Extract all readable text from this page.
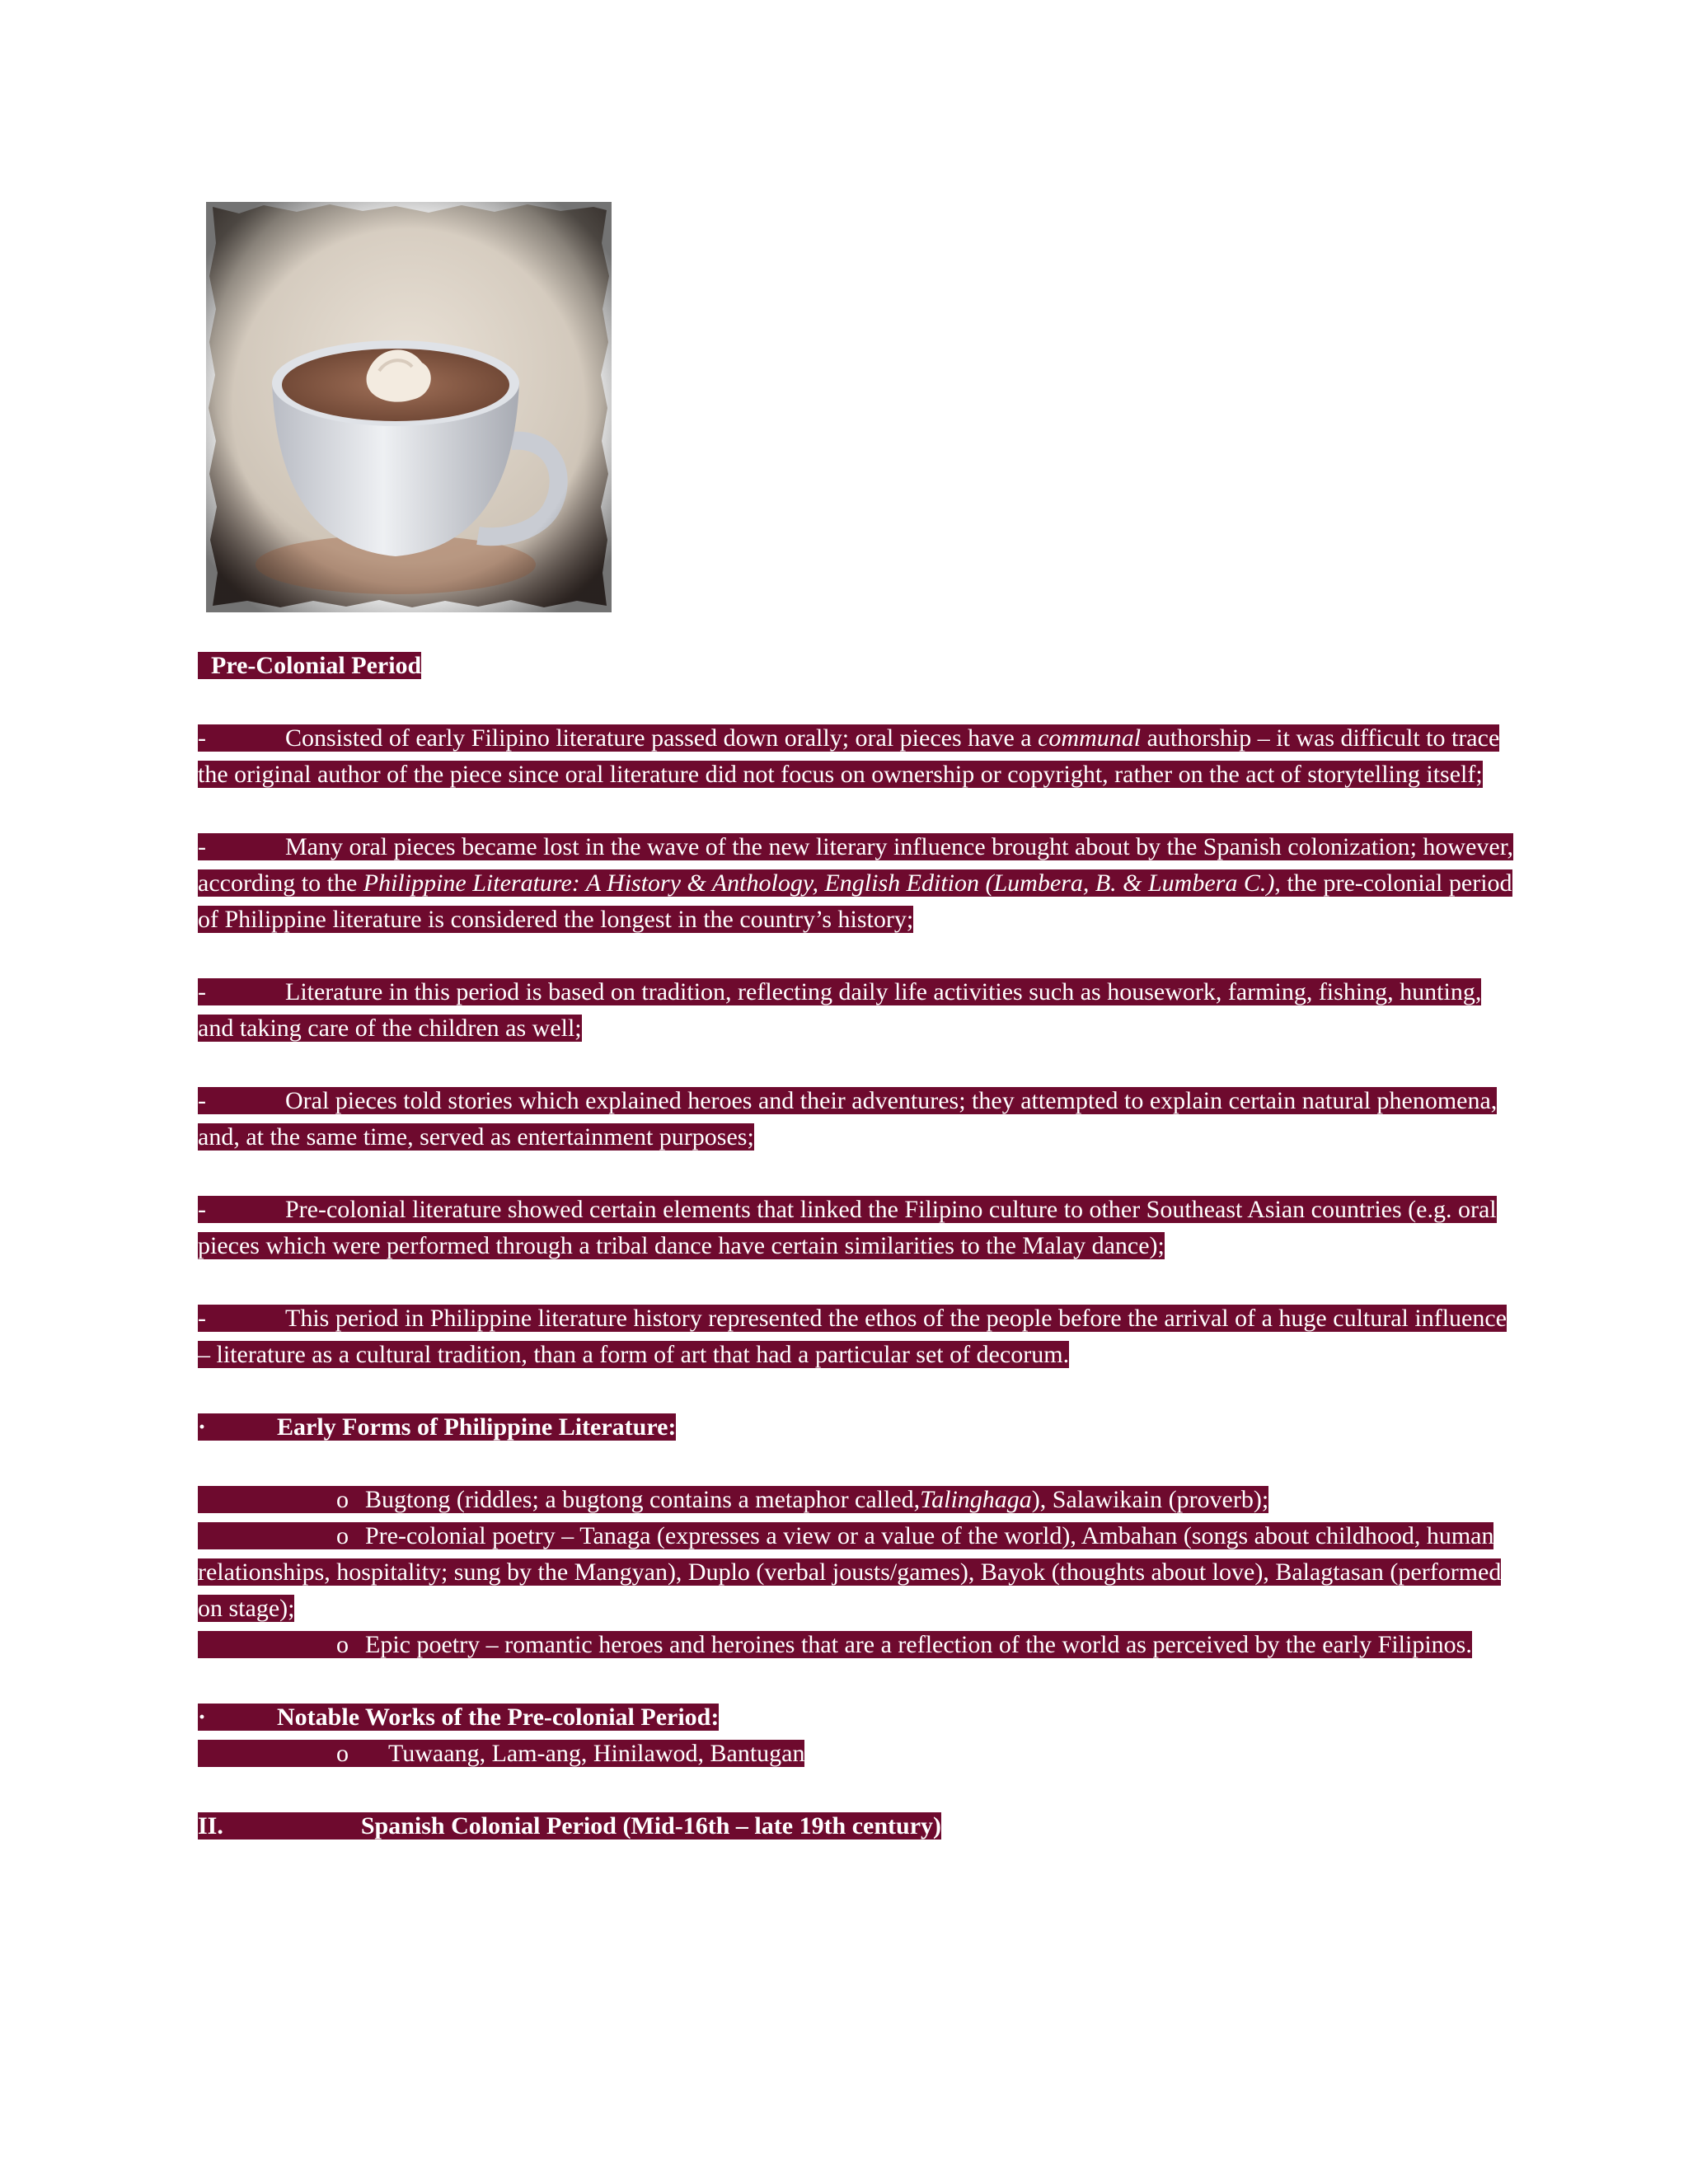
Pre-Colonial Period

-	Consisted of early Filipino literature passed down orally; oral pieces have a communal authorship – it was difficult to trace the original author of the piece since oral literature did not focus on ownership or copyright, rather on the act of storytelling itself;

-	Many oral pieces became lost in the wave of the new literary influence brought about by the Spanish colonization; however, according to the Philippine Literature: A History & Anthology, English Edition (Lumbera, B. & Lumbera C.), the pre-colonial period of Philippine literature is considered the longest in the country’s history;

-	Literature in this period is based on tradition, reflecting daily life activities such as housework, farming, fishing, hunting, and taking care of the children as well;

-	Oral pieces told stories which explained heroes and their adventures; they attempted to explain certain natural phenomena, and, at the same time, served as entertainment purposes;

-	Pre-colonial literature showed certain elements that linked the Filipino culture to other Southeast Asian countries (e.g. oral pieces which were performed through a tribal dance have certain similarities to the Malay dance);

-	This period in Philippine literature history represented the ethos of the people before the arrival of a huge cultural influence – literature as a cultural tradition, than a form of art that had a particular set of decorum.

·	Early Forms of Philippine Literature:

o Bugtong (riddles; a bugtong contains a metaphor called,Talinghaga), Salawikain (proverb);

o Pre-colonial poetry – Tanaga (expresses a view or a value of the world), Ambahan (songs about childhood, human relationships, hospitality; sung by the Mangyan), Duplo (verbal jousts/games), Bayok (thoughts about love), Balagtasan (performed on stage);

o Epic poetry – romantic heroes and heroines that are a reflection of the world as perceived by the early Filipinos.

·	Notable Works of the Pre-colonial Period:

o Tuwaang, Lam-ang, Hinilawod, Bantugan

II.	Spanish Colonial Period (Mid-16th – late 19th century)
